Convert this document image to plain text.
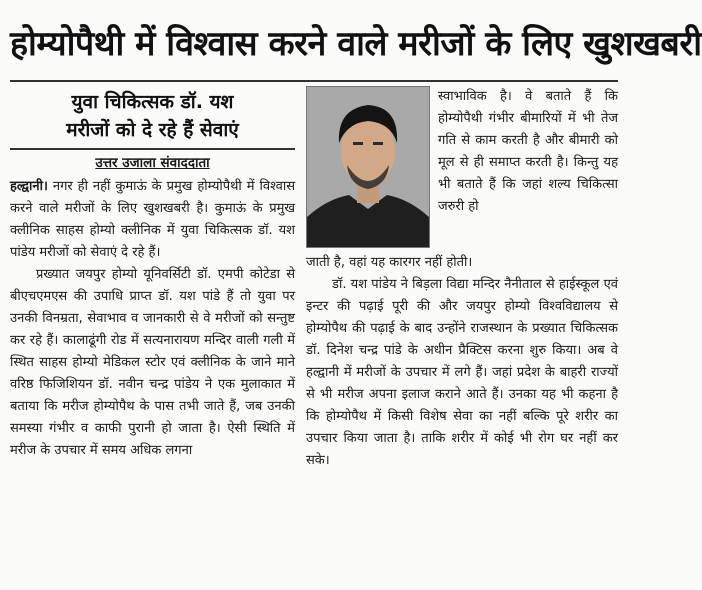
होम्योपैथी में विश्वास करने वाले मरीजों के लिए खुशखबरी
युवा चिकित्सक डॉ. यश
मरीजों को दे रहे हैं सेवाएं
उत्तर उजाला संवाददाता

हल्द्वानी। नगर ही नहीं कुमाऊं के प्रमुख होम्योपैथी में विश्वास करने वाले मरीजों के लिए खुशखबरी है। कुमाऊं के प्रमुख क्लीनिक साहस होम्यो क्लीनिक में युवा चिकित्सक डॉ. यश पांडेय मरीजों को सेवाएं दे रहे हैं।

प्रख्यात जयपुर होम्यो यूनिवर्सिटी डॉ. एमपी कोटेडा से बीएचएमएस की उपाधि प्राप्त डॉ. यश पांडे हैं तो युवा पर उनकी विनम्रता, सेवाभाव व जानकारी से वे मरीजों को सन्तुष्ट कर रहे हैं। कालाढूंगी रोड में सत्यनारायण मन्दिर वाली गली में स्थित साहस होम्यो मेडिकल स्टोर एवं क्लीनिक के जाने माने वरिष्ठ फिजिशियन डॉ. नवीन चन्द्र पांडेय ने एक मुलाकात में बताया कि मरीज होम्योपैथ के पास तभी जाते हैं, जब उनकी समस्या गंभीर व काफी पुरानी हो जाता है। ऐसी स्थिति में मरीज के उपचार में समय अधिक लगना

स्वाभाविक है। वे बताते हैं कि होम्योपैथी गंभीर बीमारियों में भी तेज गति से काम करती है और बीमारी को मूल से ही समाप्त करती है। किन्तु यह भी बताते हैं कि जहां शल्य चिकित्सा जरुरी हो

जाती है, वहां यह कारगर नहीं होती।

डॉ. यश पांडेय ने बिड़ला विद्या मन्दिर नैनीताल से हाईस्कूल एवं इन्टर की पढ़ाई पूरी की और जयपुर होम्यो विश्वविद्यालय से होम्योपैथ की पढ़ाई के बाद उन्होंने राजस्थान के प्रख्यात चिकित्सक डॉ. दिनेश चन्द्र पांडे के अधीन प्रैक्टिस करना शुरु किया। अब वे हल्द्वानी में मरीजों के उपचार में लगे हैं। जहां प्रदेश के बाहरी राज्यों से भी मरीज अपना इलाज कराने आते हैं। उनका यह भी कहना है कि होम्योपैथ में किसी विशेष सेवा का नहीं बल्कि पूरे शरीर का उपचार किया जाता है। ताकि शरीर में कोई भी रोग घर नहीं कर सके।
